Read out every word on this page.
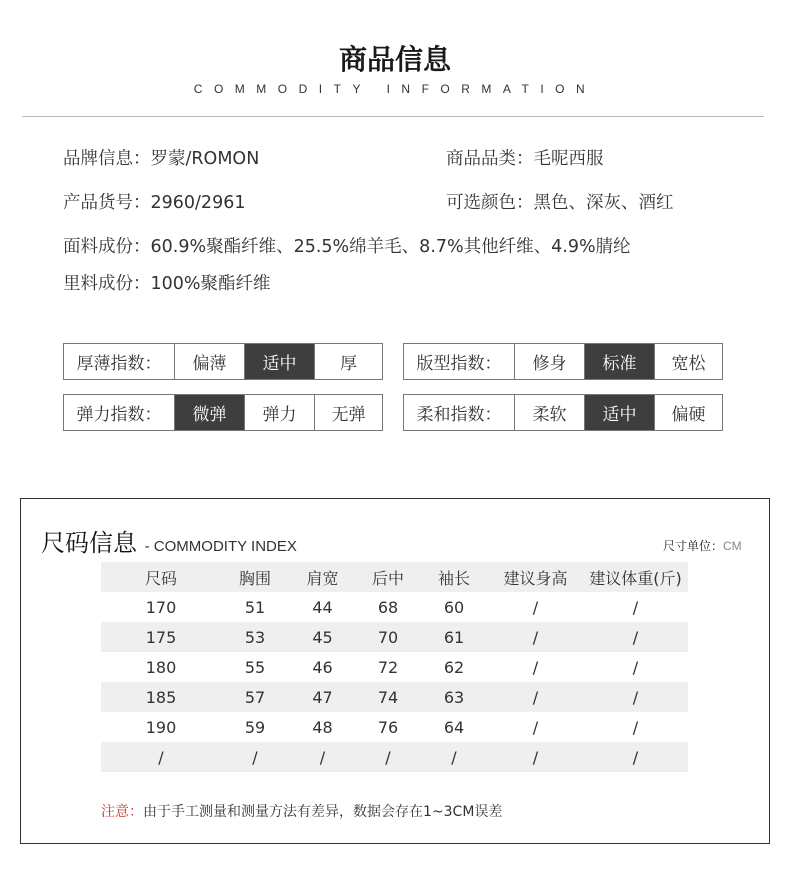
商品信息
COMMODITY INFORMATION
品牌信息：罗蒙/ROMON	商品品类：毛呢西服
产品货号：2960/2961	可选颜色：黑色、深灰、酒红
面料成份：60.9%聚酯纤维、25.5%绵羊毛、8.7%其他纤维、4.9%腈纶
里料成份：100%聚酯纤维
厚薄指数：	偏薄	适中	厚	版型指数：	修身	标准	宽松
弹力指数：	微弹	弹力	无弹	柔和指数：	柔软	适中	偏硬
尺码信息 - COMMODITY INDEX	尺寸单位：CM
尺码	胸围	肩宽	后中	袖长	建议身高	建议体重(斤)
170	51	44	68	60	/	/
175	53	45	70	61	/	/
180	55	46	72	62	/	/
185	57	47	74	63	/	/
190	59	48	76	64	/	/
/	/	/	/	/	/	/
注意：由于手工测量和测量方法有差异，数据会存在1~3CM误差
